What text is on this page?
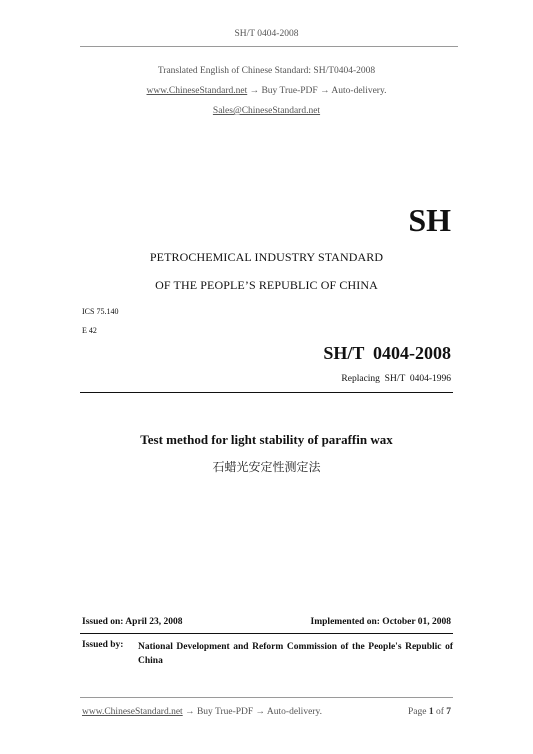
SH/T 0404-2008
Translated English of Chinese Standard: SH/T0404-2008
www.ChineseStandard.net → Buy True-PDF → Auto-delivery.
Sales@ChineseStandard.net
SH
PETROCHEMICAL INDUSTRY STANDARD
OF THE PEOPLE’S REPUBLIC OF CHINA
ICS 75.140
E 42
SH/T  0404-2008
Replacing  SH/T  0404-1996
Test method for light stability of paraffin wax
石蜡光安定性测定法
Issued on: April 23, 2008	Implemented on: October 01, 2008
Issued by: National Development and Reform Commission of the People's Republic of China
www.ChineseStandard.net → Buy True-PDF → Auto-delivery.	Page 1 of 7
